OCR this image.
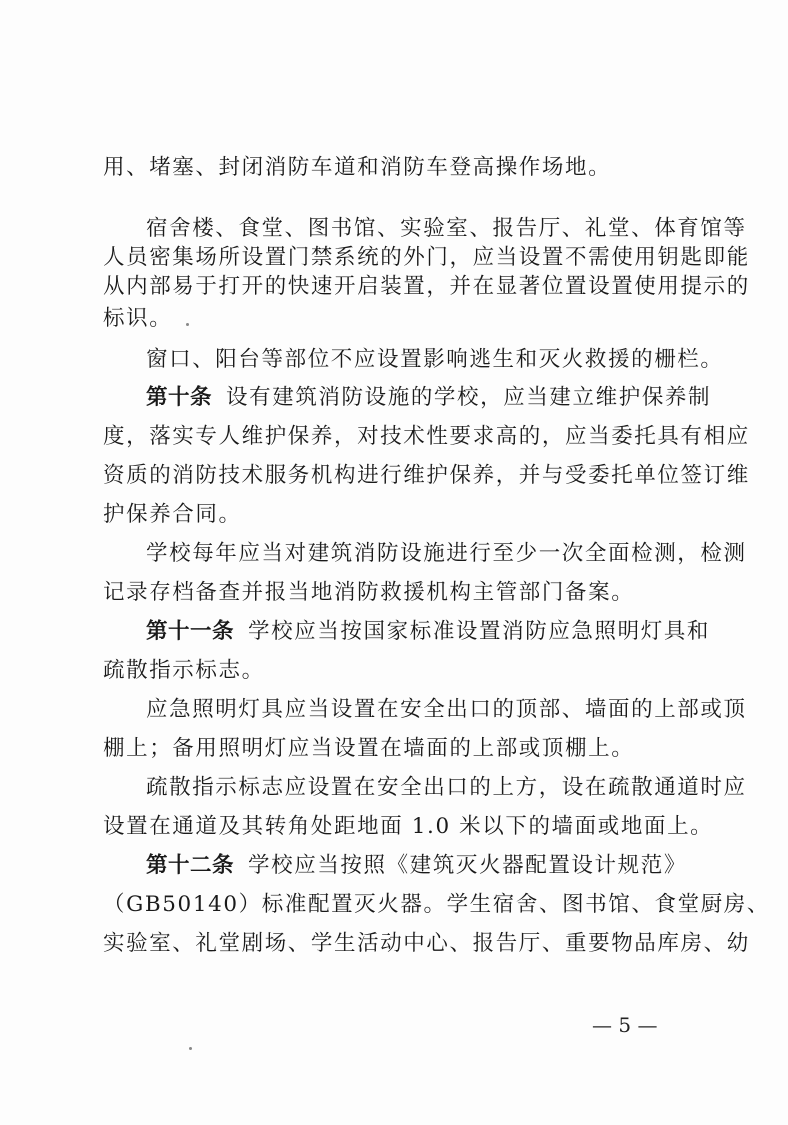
用、堵塞、封闭消防车道和消防车登高操作场地。
宿舍楼、食堂、图书馆、实验室、报告厅、礼堂、体育馆等
人员密集场所设置门禁系统的外门，应当设置不需使用钥匙即能
从内部易于打开的快速开启装置，并在显著位置设置使用提示的
标识。
窗口、阳台等部位不应设置影响逃生和灭火救援的栅栏。
第十条 设有建筑消防设施的学校，应当建立维护保养制
度，落实专人维护保养，对技术性要求高的，应当委托具有相应
资质的消防技术服务机构进行维护保养，并与受委托单位签订维
护保养合同。
学校每年应当对建筑消防设施进行至少一次全面检测，检测
记录存档备查并报当地消防救援机构主管部门备案。
第十一条 学校应当按国家标准设置消防应急照明灯具和
疏散指示标志。
应急照明灯具应当设置在安全出口的顶部、墙面的上部或顶
棚上；备用照明灯应当设置在墙面的上部或顶棚上。
疏散指示标志应设置在安全出口的上方，设在疏散通道时应
设置在通道及其转角处距地面 1.0 米以下的墙面或地面上。
第十二条 学校应当按照《建筑灭火器配置设计规范》
（GB50140）标准配置灭火器。学生宿舍、图书馆、食堂厨房、
实验室、礼堂剧场、学生活动中心、报告厅、重要物品库房、幼
— 5 —
